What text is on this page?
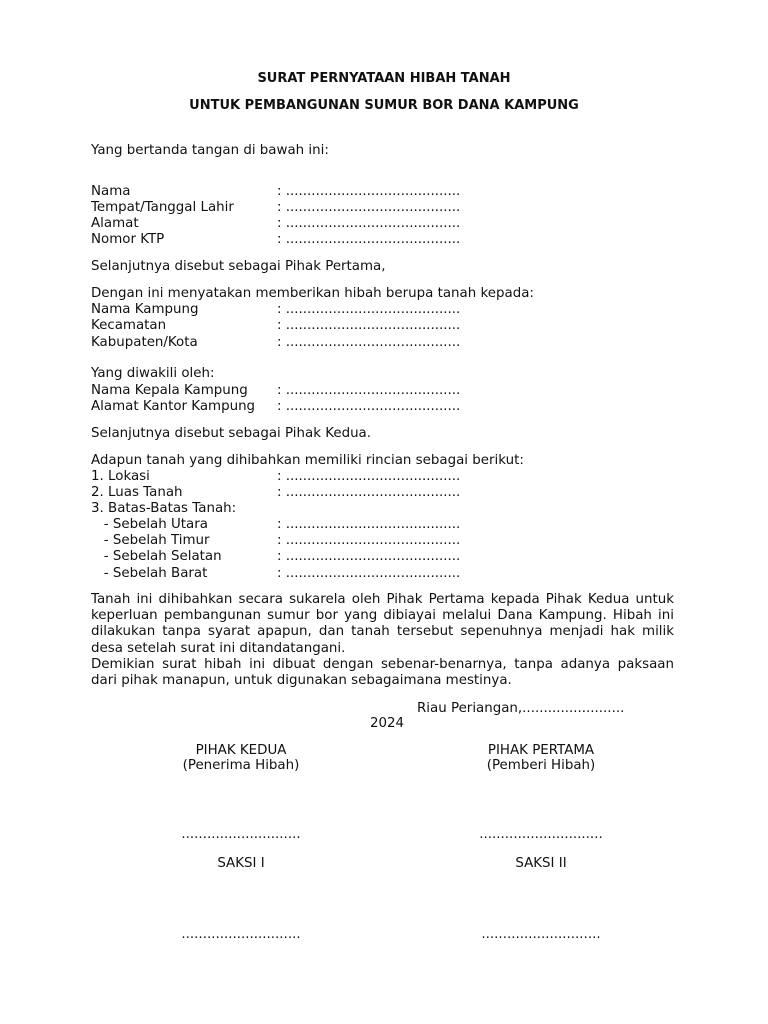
SURAT PERNYATAAN HIBAH TANAH
UNTUK PEMBANGUNAN SUMUR BOR DANA KAMPUNG
Yang bertanda tangan di bawah ini:
Nama	: .........................................
Tempat/Tanggal Lahir	: .........................................
Alamat	: .........................................
Nomor KTP	: .........................................
Selanjutnya disebut sebagai Pihak Pertama,
Dengan ini menyatakan memberikan hibah berupa tanah kepada:
Nama Kampung	: .........................................
Kecamatan	: .........................................
Kabupaten/Kota	: .........................................
Yang diwakili oleh:
Nama Kepala Kampung : .........................................
Alamat Kantor Kampung : .........................................
Selanjutnya disebut sebagai Pihak Kedua.
Adapun tanah yang dihibahkan memiliki rincian sebagai berikut:
1. Lokasi	: .........................................
2. Luas Tanah	: .........................................
3. Batas-Batas Tanah:
- Sebelah Utara	: .........................................
- Sebelah Timur	: .........................................
- Sebelah Selatan	: .........................................
- Sebelah Barat	: .........................................
Tanah ini dihibahkan secara sukarela oleh Pihak Pertama kepada Pihak Kedua untuk keperluan pembangunan sumur bor yang dibiayai melalui Dana Kampung. Hibah ini dilakukan tanpa syarat apapun, dan tanah tersebut sepenuhnya menjadi hak milik desa setelah surat ini ditandatangani.
Demikian surat hibah ini dibuat dengan sebenar-benarnya, tanpa adanya paksaan dari pihak manapun, untuk digunakan sebagaimana mestinya.
Riau Periangan,........................
2024
PIHAK KEDUA
(Penerima Hibah)
PIHAK PERTAMA
(Pemberi Hibah)
............................	.............................
SAKSI I	SAKSI II
............................	............................
